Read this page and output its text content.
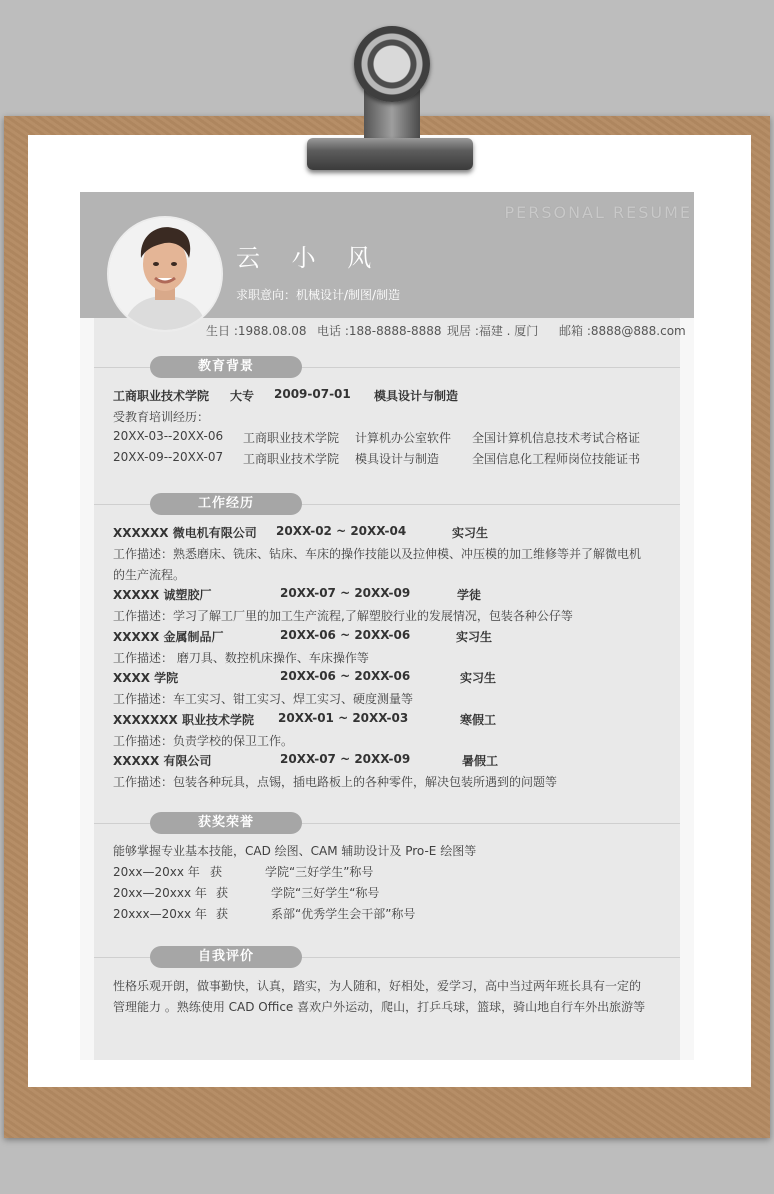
PERSONAL RESUME
云 小 风
求职意向：机械设计/制图/制造
生日 :1988.08.08 电话 :188-8888-8888 现居 :福建 . 厦门 邮箱 :8888@888.com
教育背景
工商职业技术学院 大专 2009-07-01 模具设计与制造
受教育培训经历：
20XX-03--20XX-06 工商职业技术学院 计算机办公室软件 全国计算机信息技术考试合格证
20XX-09--20XX-07 工商职业技术学院 模具设计与制造	全国信息化工程师岗位技能证书
工作经历
XXXXXX 微电机有限公司 20XX-02 ~ 20XX-04	实习生
工作描述：熟悉磨床、铣床、钻床、车床的操作技能以及拉伸模、冲压模的加工维修等并了解微电机
的生产流程。
XXXXX 诚塑胶厂	20XX-07 ~ 20XX-09	学徒
工作描述：学习了解工厂里的加工生产流程,了解塑胶行业的发展情况，包装各种公仔等
XXXXX 金属制品厂	20XX-06 ~ 20XX-06	实习生
工作描述： 磨刀具、数控机床操作、车床操作等
XXXX 学院	20XX-06 ~ 20XX-06	实习生
工作描述：车工实习、钳工实习、焊工实习、硬度测量等
XXXXXXX 职业技术学院 20XX-01 ~ 20XX-03	寒假工
工作描述：负责学校的保卫工作。
XXXXX 有限公司	20XX-07 ~ 20XX-09	暑假工
工作描述：包装各种玩具，点锡，插电路板上的各种零件，解决包装所遇到的问题等
获奖荣誉
能够掌握专业基本技能，CAD 绘图、CAM 辅助设计及 Pro-E 绘图等
20xx—20xx 年 获	学院“三好学生”称号
20xx—20xxx 年 获	学院“三好学生“称号
20xxx—20xx 年 获	系部“优秀学生会干部”称号
自我评价
性格乐观开朗，做事勤快，认真，踏实，为人随和，好相处，爱学习，高中当过两年班长具有一定的
管理能力 。熟练使用 CAD Office 喜欢户外运动，爬山，打乒乓球，篮球，骑山地自行车外出旅游等
